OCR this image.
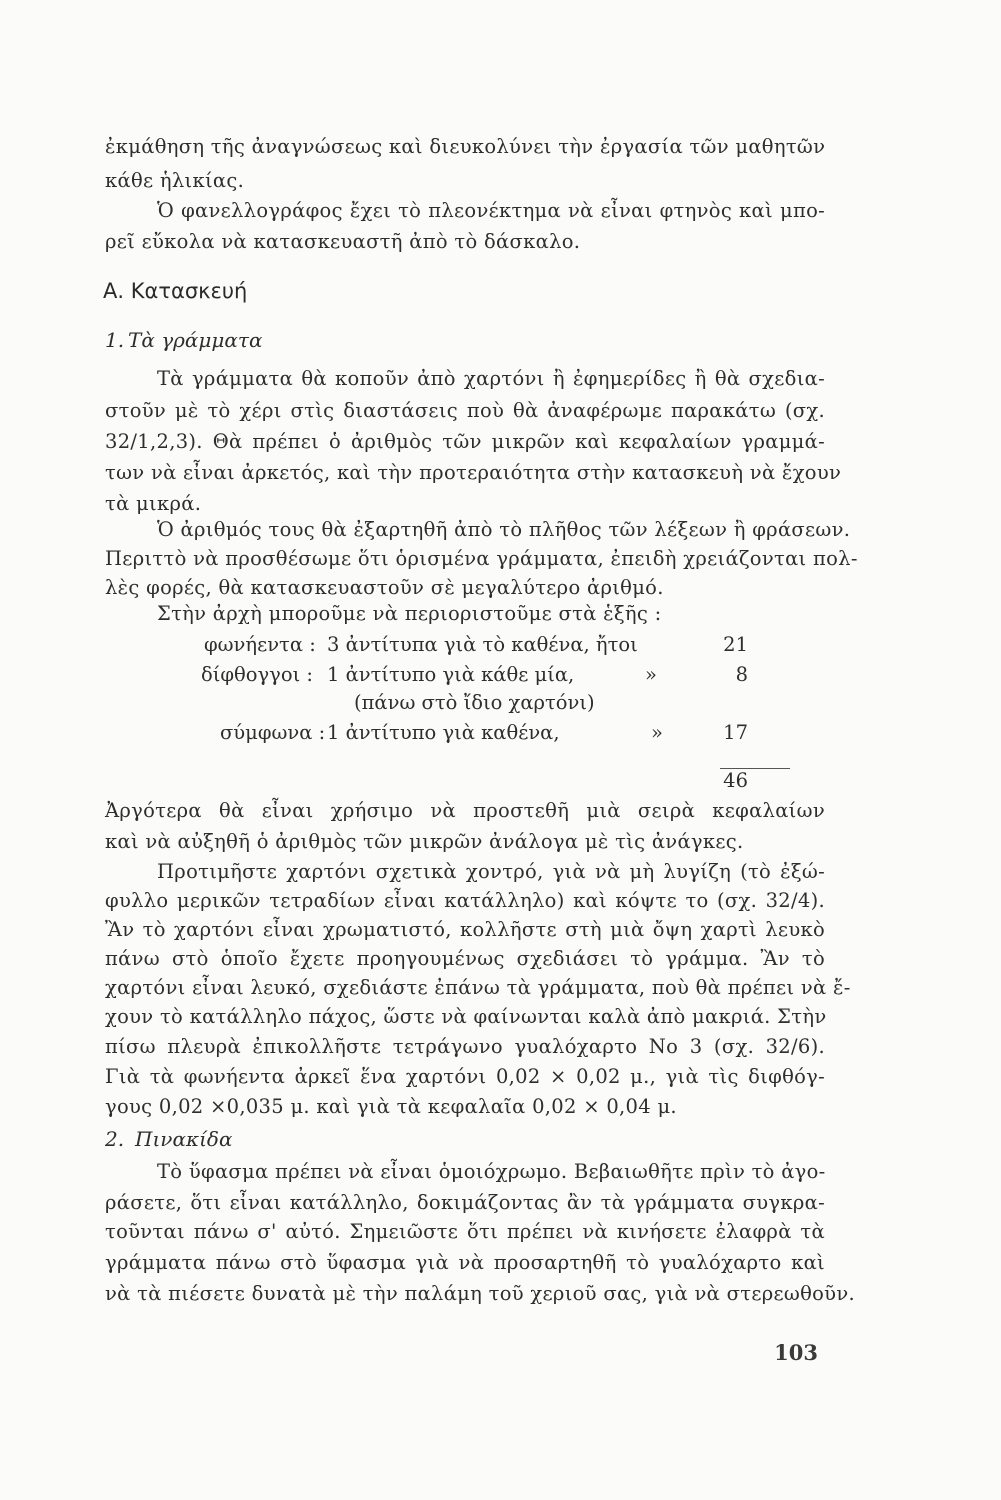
ἐκμάθηση τῆς ἀναγνώσεως καὶ διευκολύνει τὴν ἐργασία τῶν μαθητῶν
κάθε ἡλικίας.
Ὁ φανελλογράφος ἔχει τὸ πλεονέκτημα νὰ εἶναι φτηνὸς καὶ μπο-
ρεῖ εὔκολα νὰ κατασκευαστῆ ἀπὸ τὸ δάσκαλο.
Α. Κατασκευή
1. Τὰ γράμματα
Τὰ γράμματα θὰ κοποῦν ἀπὸ χαρτόνι ἢ ἐφημερίδες ἢ θὰ σχεδια-
στοῦν μὲ τὸ χέρι στὶς διαστάσεις ποὺ θὰ ἀναφέρωμε παρακάτω (σχ.
32/1,2,3). Θὰ πρέπει ὁ ἀριθμὸς τῶν μικρῶν καὶ κεφαλαίων γραμμά-
των νὰ εἶναι ἀρκετός, καὶ τὴν προτεραιότητα στὴν κατασκευὴ νὰ ἔχουν
τὰ μικρά.
Ὁ ἀριθμός τους θὰ ἐξαρτηθῆ ἀπὸ τὸ πλῆθος τῶν λέξεων ἢ φράσεων.
Περιττὸ νὰ προσθέσωμε ὅτι ὁρισμένα γράμματα, ἐπειδὴ χρειάζονται πολ-
λὲς φορές, θὰ κατασκευαστοῦν σὲ μεγαλύτερο ἀριθμό.
Στὴν ἀρχὴ μποροῦμε νὰ περιοριστοῦμε στὰ ἑξῆς :
φωνήεντα : 3 ἀντίτυπα γιὰ τὸ καθένα, ἤτοι	21
δίφθογγοι : 1 ἀντίτυπο γιὰ κάθε μία,	»	8
(πάνω στὸ ἴδιο χαρτόνι)
σύμφωνα : 1 ἀντίτυπο γιὰ καθένα,	»	17
46
Ἀργότερα θὰ εἶναι χρήσιμο νὰ προστεθῆ μιὰ σειρὰ κεφαλαίων
καὶ νὰ αὐξηθῆ ὁ ἀριθμὸς τῶν μικρῶν ἀνάλογα μὲ τὶς ἀνάγκες.
Προτιμῆστε χαρτόνι σχετικὰ χοντρό, γιὰ νὰ μὴ λυγίζη (τὸ ἐξώ-
φυλλο μερικῶν τετραδίων εἶναι κατάλληλο) καὶ κόψτε το (σχ. 32/4).
Ἂν τὸ χαρτόνι εἶναι χρωματιστό, κολλῆστε στὴ μιὰ ὄψη χαρτὶ λευκὸ
πάνω στὸ ὁποῖο ἔχετε προηγουμένως σχεδιάσει τὸ γράμμα. Ἂν τὸ
χαρτόνι εἶναι λευκό, σχεδιάστε ἐπάνω τὰ γράμματα, ποὺ θὰ πρέπει νὰ ἔ-
χουν τὸ κατάλληλο πάχος, ὥστε νὰ φαίνωνται καλὰ ἀπὸ μακριά. Στὴν
πίσω πλευρὰ ἐπικολλῆστε τετράγωνο γυαλόχαρτο Νο 3 (σχ. 32/6).
Γιὰ τὰ φωνήεντα ἀρκεῖ ἕνα χαρτόνι 0,02 × 0,02 μ., γιὰ τὶς διφθόγ-
γους 0,02 ×0,035 μ. καὶ γιὰ τὰ κεφαλαῖα 0,02 × 0,04 μ.
2. Πινακίδα
Τὸ ὕφασμα πρέπει νὰ εἶναι ὁμοιόχρωμο. Βεβαιωθῆτε πρὶν τὸ ἀγο-
ράσετε, ὅτι εἶναι κατάλληλο, δοκιμάζοντας ἂν τὰ γράμματα συγκρα-
τοῦνται πάνω σ' αὐτό. Σημειῶστε ὅτι πρέπει νὰ κινήσετε ἐλαφρὰ τὰ
γράμματα πάνω στὸ ὕφασμα γιὰ νὰ προσαρτηθῆ τὸ γυαλόχαρτο καὶ
νὰ τὰ πιέσετε δυνατὰ μὲ τὴν παλάμη τοῦ χεριοῦ σας, γιὰ νὰ στερεωθοῦν.
103
